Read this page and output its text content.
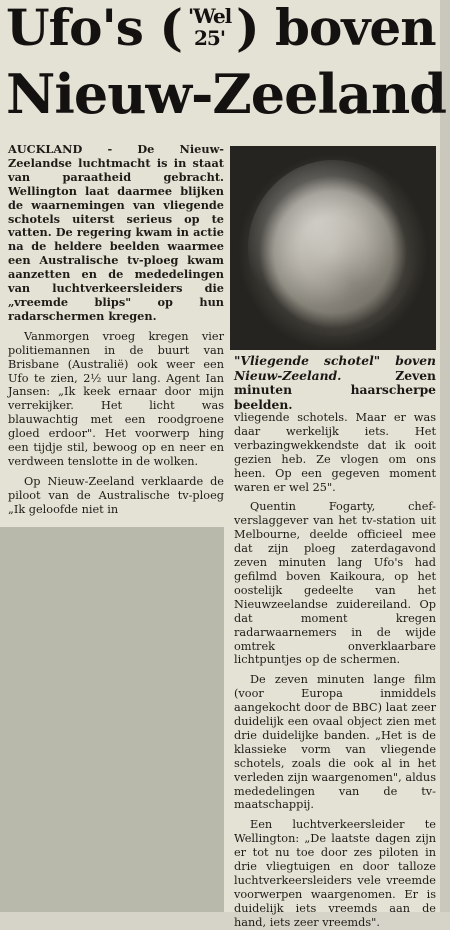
Ufo's ( 'Wel
25' ) boven
Nieuw-Zeeland

AUCKLAND - De Nieuw-Zeelandse luchtmacht is in staat van paraatheid gebracht. Wellington laat daarmee blijken de waarnemingen van vliegende schotels uiterst serieus op te vatten. De regering kwam in actie na de heldere beelden waarmee een Australische tv-ploeg kwam aanzetten en de mededelingen van luchtverkeersleiders die „vreemde blips" op hun radarschermen kregen.

Vanmorgen vroeg kregen vier politiemannen in de buurt van Brisbane (Australië) ook weer een Ufo te zien, 2½ uur lang. Agent Ian Jansen: „Ik keek ernaar door mijn verrekijker. Het licht was blauwachtig met een roodgroene gloed erdoor". Het voorwerp hing een tijdje stil, bewoog op en neer en verdween tenslotte in de wolken.

Op Nieuw-Zeeland verklaarde de piloot van de Australische tv-ploeg „Ik geloofde niet in

"Vliegende schotel" boven Nieuw-Zeeland. Zeven minuten haarscherpe beelden.

vliegende schotels. Maar er was daar werkelijk iets. Het verbazingwekkendste dat ik ooit gezien heb. Ze vlogen om ons heen. Op een gegeven moment waren er wel 25".

Quentin Fogarty, chef-verslaggever van het tv-station uit Melbourne, deelde officieel mee dat zijn ploeg zaterdagavond zeven minuten lang Ufo's had gefilmd boven Kaikoura, op het oostelijk gedeelte van het Nieuwzeelandse zuidereiland. Op dat moment kregen radarwaarnemers in de wijde omtrek onverklaarbare lichtpuntjes op de schermen.

De zeven minuten lange film (voor Europa inmiddels aangekocht door de BBC) laat zeer duidelijk een ovaal object zien met drie duidelijke banden. „Het is de klassieke vorm van vliegende schotels, zoals die ook al in het verleden zijn waargenomen", aldus mededelingen van de tv-maatschappij.

Een luchtverkeersleider te Wellington: „De laatste dagen zijn er tot nu toe door zes piloten in drie vliegtuigen en door talloze luchtverkeersleiders vele vreemde voorwerpen waargenomen. Er is duidelijk iets vreemds aan de hand, iets zeer vreemds".
